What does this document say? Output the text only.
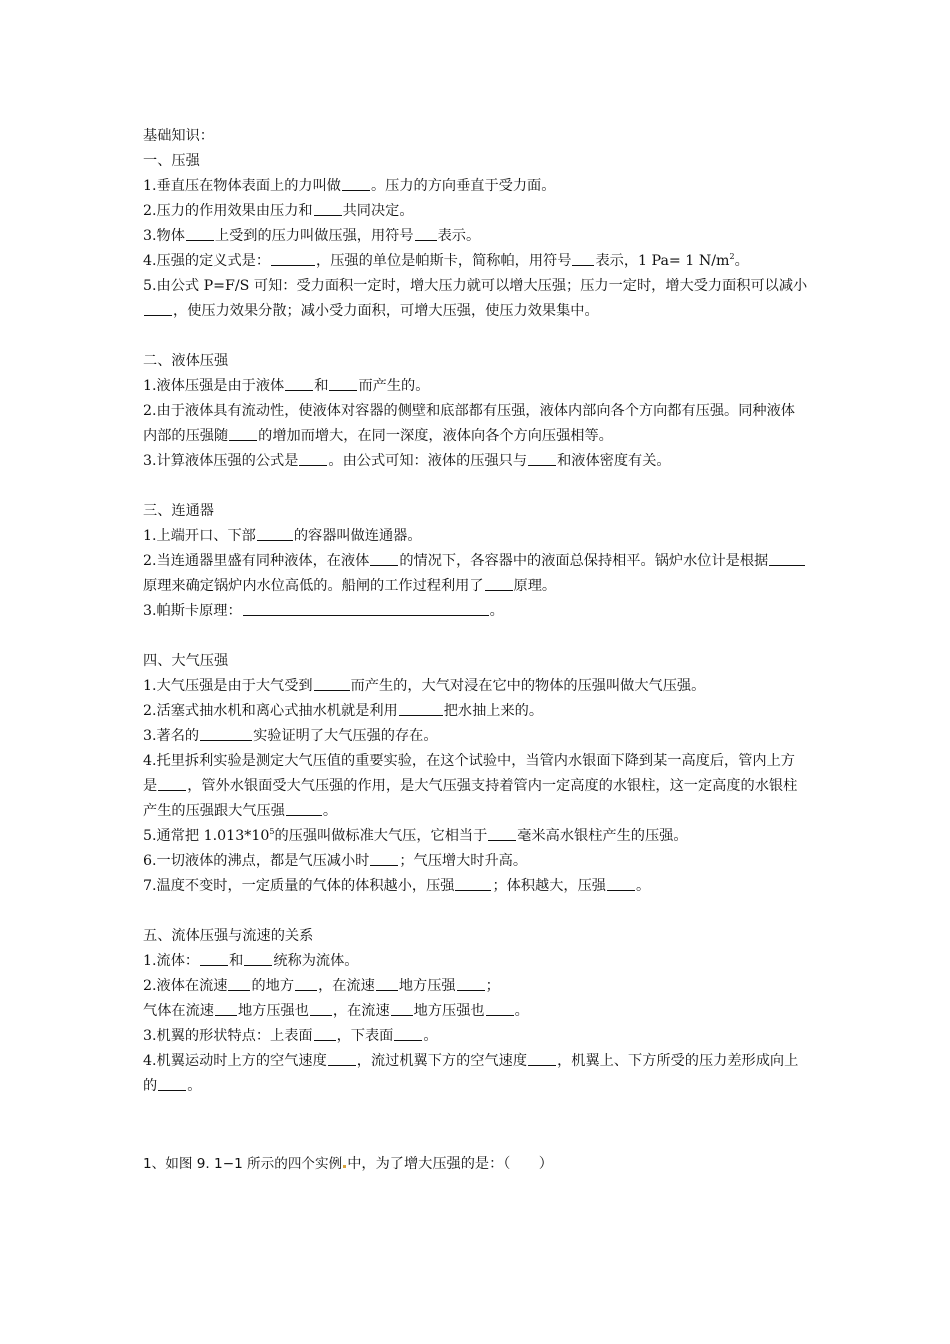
基础知识：
一、压强
1.垂直压在物体表面上的力叫做 。压力的方向垂直于受力面。
2.压力的作用效果由压力和 共同决定。
3.物体 上受到的压力叫做压强，用符号 表示。
4.压强的定义式是：	，压强的单位是帕斯卡，简称帕，用符号 表示，1 Pa= 1 $N/m^2$。
5.由公式 P=F/S 可知：受力面积一定时，增大压力就可以增大压强；压力一定时，增大受力面积可以减小，使压力效果分散；减小受力面积，可增大压强，使压力效果集中。
二、液体压强
1.液体压强是由于液体 和 而产生的。
2.由于液体具有流动性，使液体对容器的侧壁和底部都有压强，液体内部向各个方向都有压强。同种液体内部的压强随 的增加而增大，在同一深度，液体向各个方向压强相等。
3.计算液体压强的公式是 。由公式可知：液体的压强只与 和液体密度有关。
三、连通器
1.上端开口、下部	的容器叫做连通器。
2.当连通器里盛有同种液体，在液体 的情况下，各容器中的液面总保持相平。锅炉水位计是根据原理来确定锅炉内水位高低的。船闸的工作过程利用了 原理。
3.帕斯卡原理：	。
四、大气压强
1.大气压强是由于大气受到	而产生的，大气对浸在它中的物体的压强叫做大气压强。
2.活塞式抽水机和离心式抽水机就是利用	把水抽上来的。
3.著名的	实验证明了大气压强的存在。
4.托里拆利实验是测定大气压值的重要实验，在这个试验中，当管内水银面下降到某一高度后，管内上方是 ，管外水银面受大气压强的作用，是大气压强支持着管内一定高度的水银柱，这一定高度的水银柱产生的压强跟大气压强	。
5.通常把 $1.013*10^5$的压强叫做标准大气压，它相当于 毫米高水银柱产生的压强。
6.一切液体的沸点，都是气压减小时 ；气压增大时升高。
7.温度不变时，一定质量的气体的体积越小，压强	；体积越大，压强 。
五、流体压强与流速的关系
1.流体： 和 统称为流体。
2.液体在流速 的地方 ，在流速 地方压强 ；
气体在流速 地方压强也 ，在流速 地方压强也 。
3.机翼的形状特点：上表面 ，下表面 。
4.机翼运动时上方的空气速度 ，流过机翼下方的空气速度 ，机翼上、下方所受的压力差形成向上的 。
1、如图 9. 1−1 所示的四个实例 中，为了增大压强的是：（　　）
